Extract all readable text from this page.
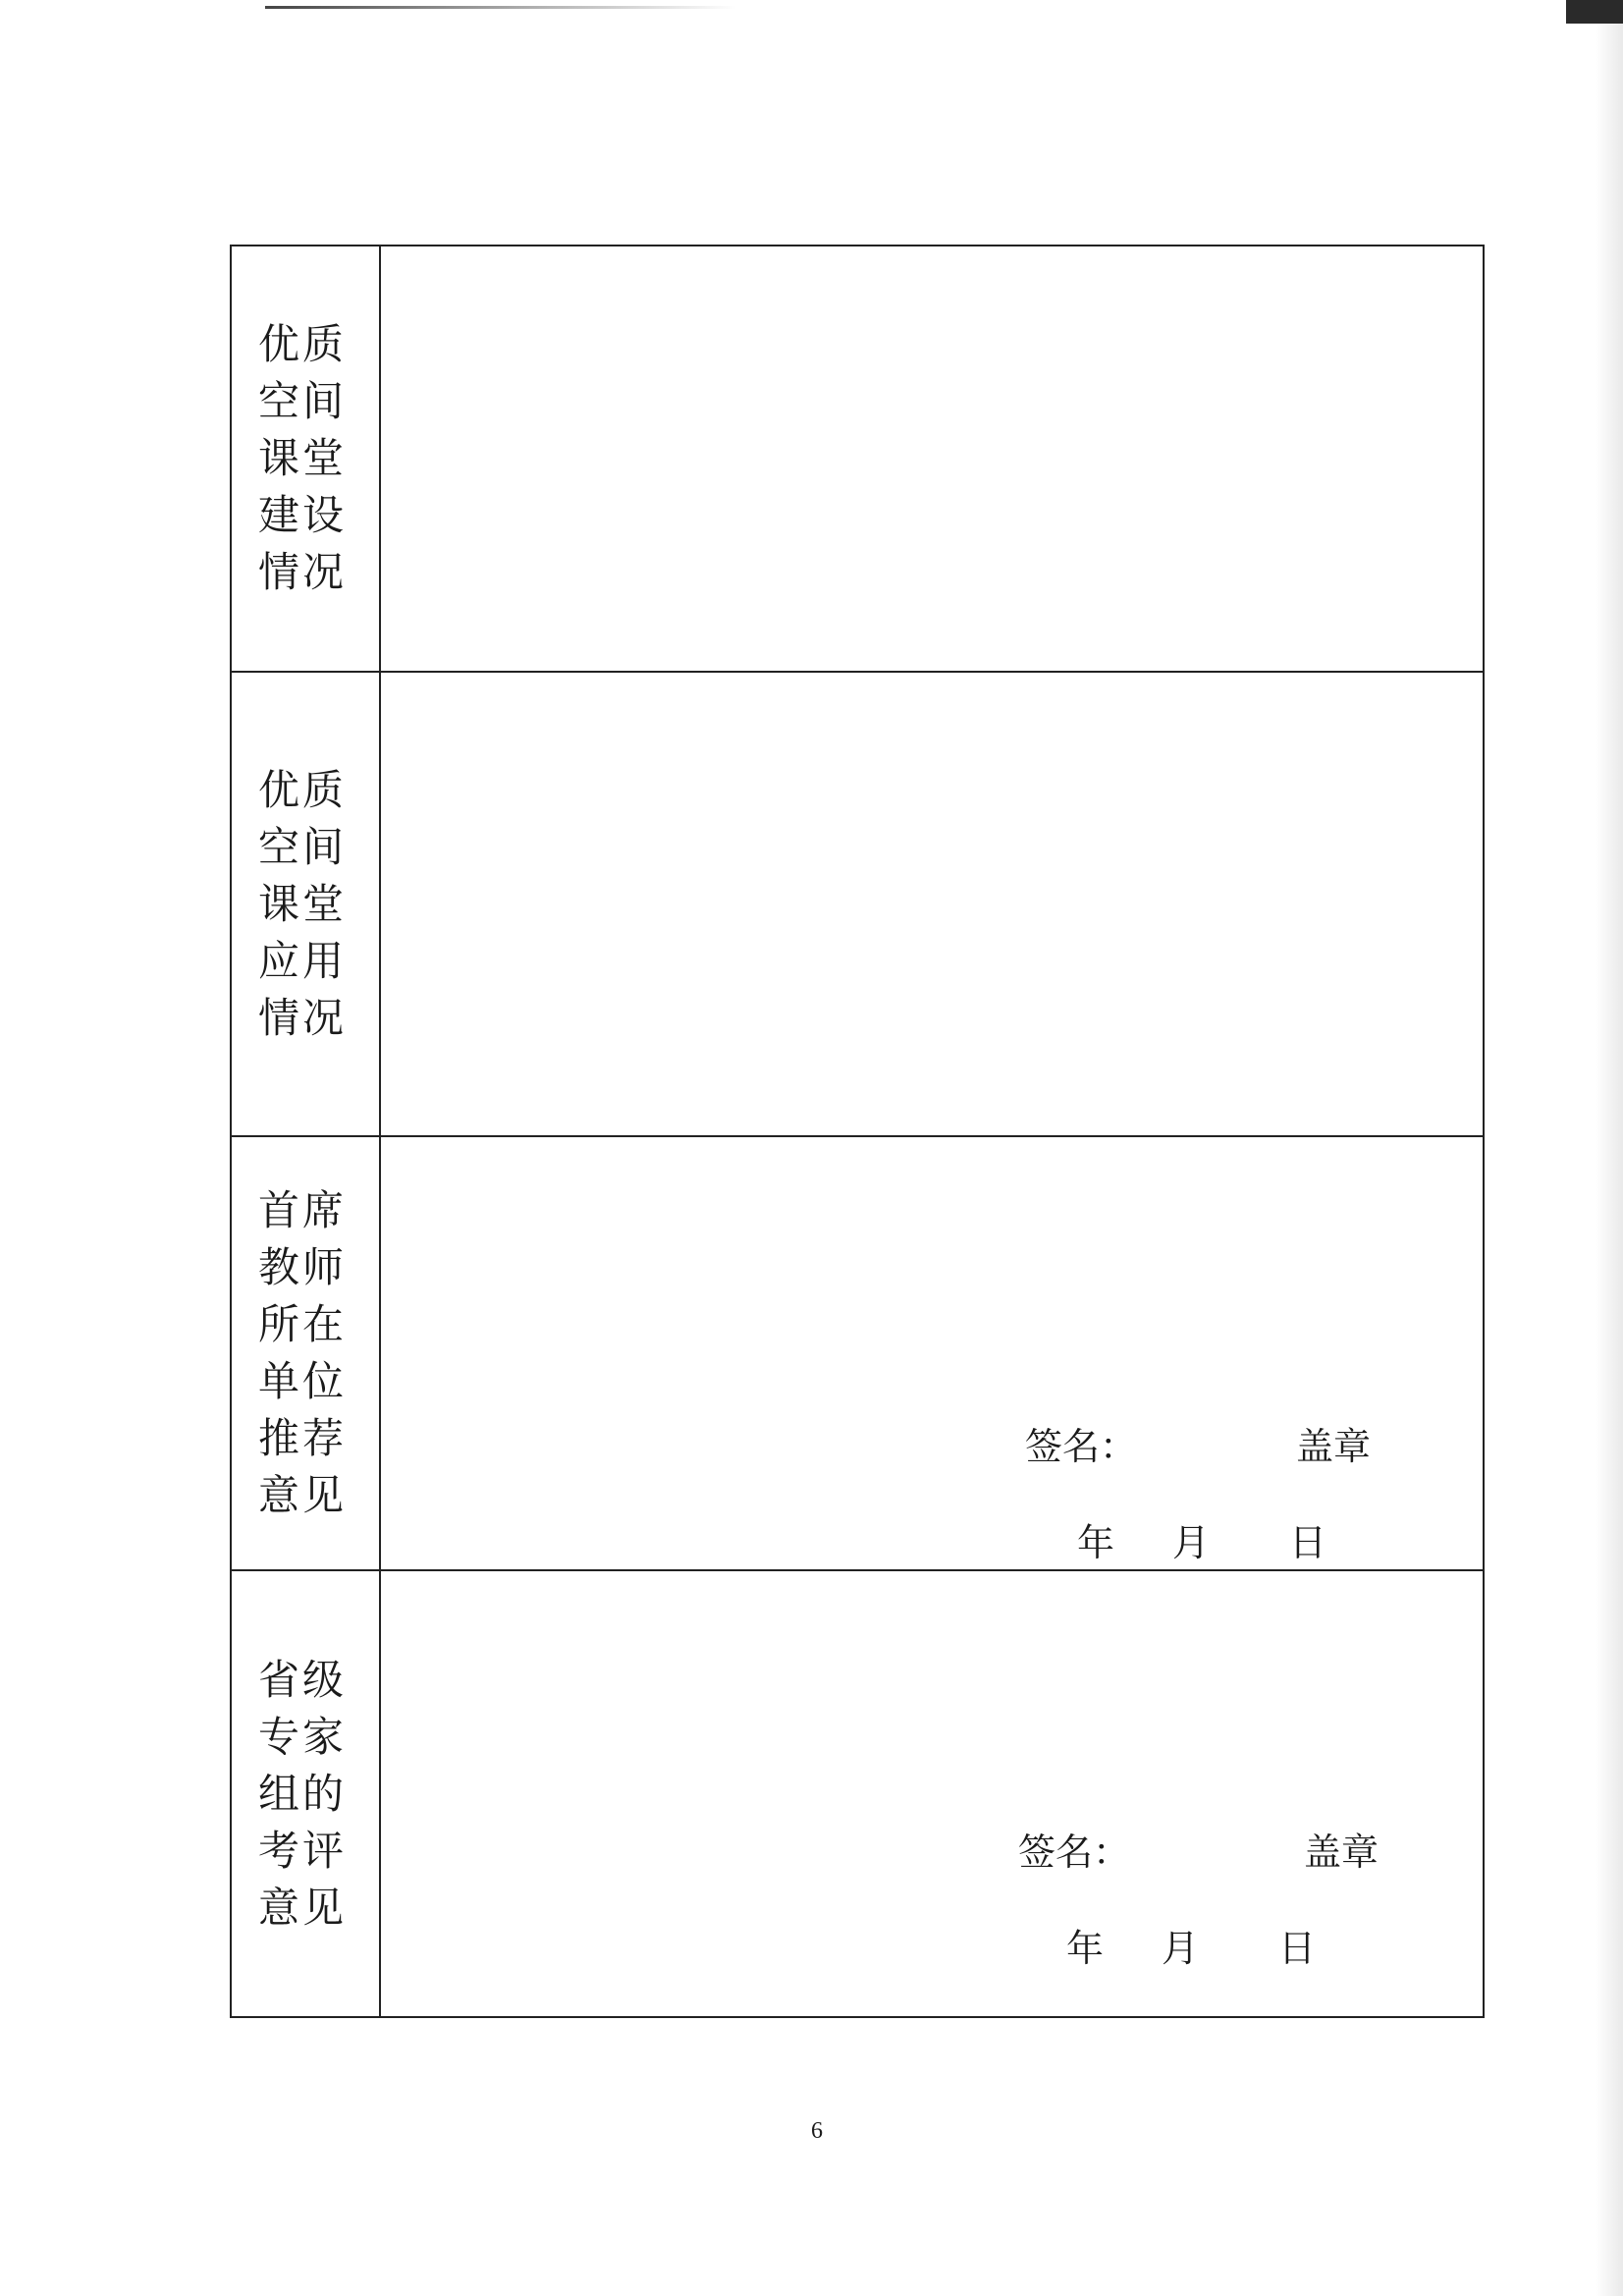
优质空间课堂建设情况
优质空间课堂应用情况
首席教师所在单位推荐意见
签名：	盖章
年 月 日
省级专家组的考评意见
签名：	盖章
年 月 日
6
